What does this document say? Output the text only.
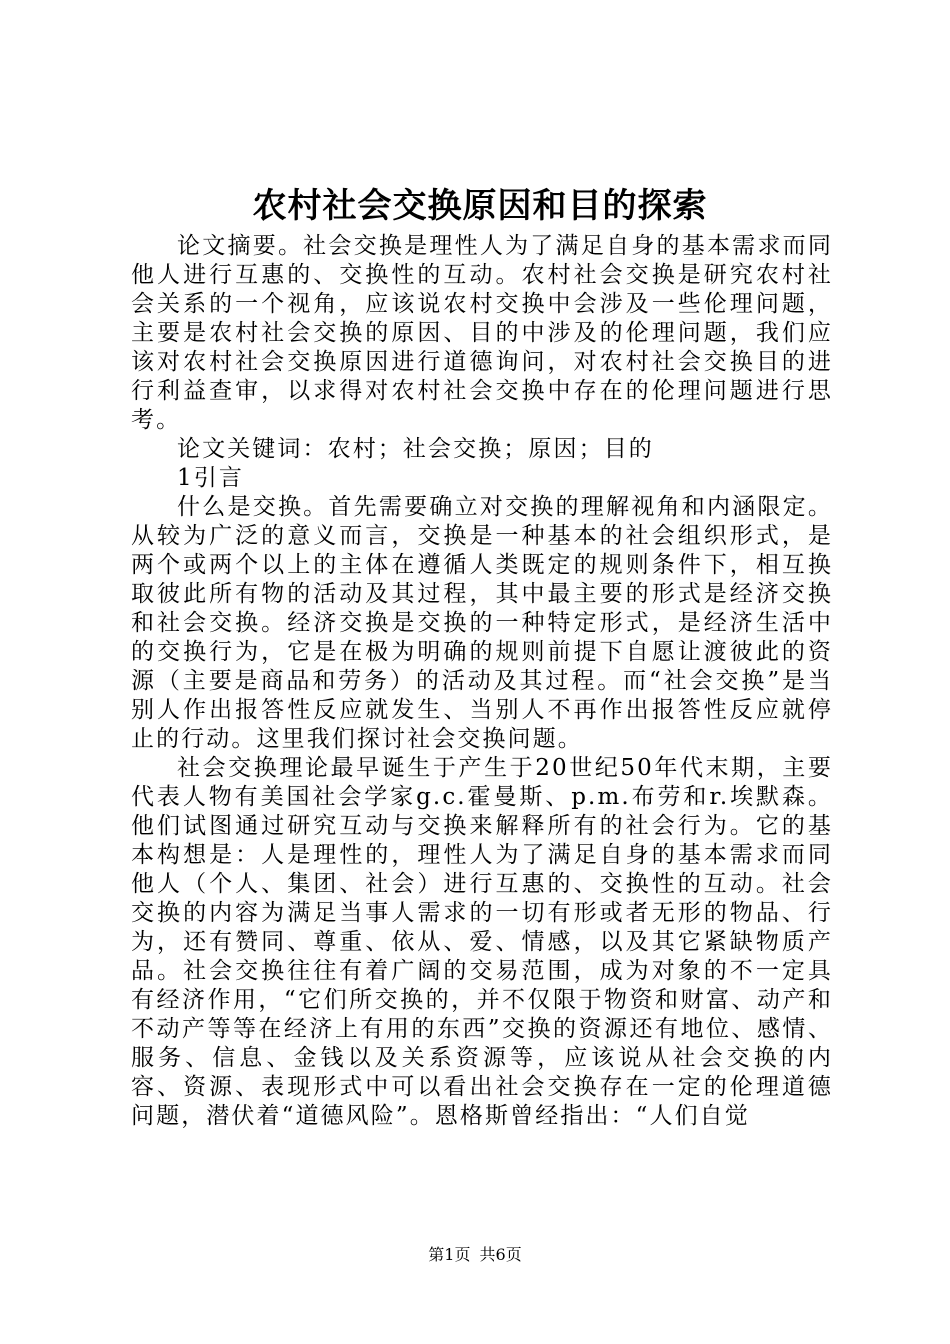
农村社会交换原因和目的探索

论文摘要。社会交换是理性人为了满足自身的基本需求而同他人进行互惠的、交换性的互动。农村社会交换是研究农村社会关系的一个视角，应该说农村交换中会涉及一些伦理问题，主要是农村社会交换的原因、目的中涉及的伦理问题，我们应该对农村社会交换原因进行道德询问，对农村社会交换目的进行利益查审，以求得对农村社会交换中存在的伦理问题进行思考。

论文关键词：农村；社会交换；原因；目的

1引言

什么是交换。首先需要确立对交换的理解视角和内涵限定。从较为广泛的意义而言，交换是一种基本的社会组织形式，是两个或两个以上的主体在遵循人类既定的规则条件下，相互换取彼此所有物的活动及其过程，其中最主要的形式是经济交换和社会交换。经济交换是交换的一种特定形式，是经济生活中的交换行为，它是在极为明确的规则前提下自愿让渡彼此的资源（主要是商品和劳务）的活动及其过程。而“社会交换”是当别人作出报答性反应就发生、当别人不再作出报答性反应就停止的行动。这里我们探讨社会交换问题。

社会交换理论最早诞生于产生于20世纪50年代末期，主要代表人物有美国社会学家g.c.霍曼斯、p.m.布劳和r.埃默森。他们试图通过研究互动与交换来解释所有的社会行为。它的基本构想是：人是理性的，理性人为了满足自身的基本需求而同他人（个人、集团、社会）进行互惠的、交换性的互动。社会交换的内容为满足当事人需求的一切有形或者无形的物品、行为，还有赞同、尊重、依从、爱、情感，以及其它紧缺物质产品。社会交换往往有着广阔的交易范围，成为对象的不一定具有经济作用，“它们所交换的，并不仅限于物资和财富、动产和不动产等等在经济上有用的东西”交换的资源还有地位、感情、服务、信息、金钱以及关系资源等，应该说从社会交换的内容、资源、表现形式中可以看出社会交换存在一定的伦理道德问题，潜伏着“道德风险”。恩格斯曾经指出：“人们自觉

第1页 共6页
